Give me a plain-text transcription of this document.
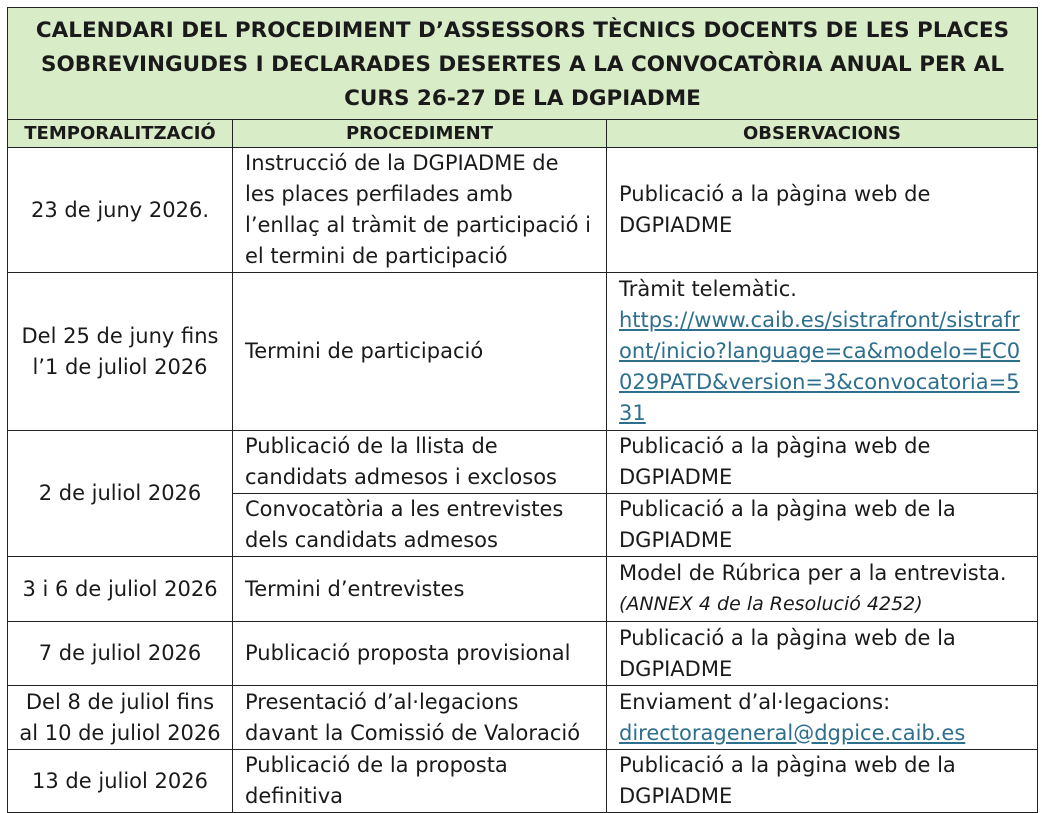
CALENDARI DEL PROCEDIMENT D’ASSESSORS TÈCNICS DOCENTS DE LES PLACES SOBREVINGUDES I DECLARADES DESERTES A LA CONVOCATÒRIA ANUAL PER AL CURS 26-27 DE LA DGPIADME		
TEMPORALITZACIÓ	PROCEDIMENT	OBSERVACIONS
23 de juny 2026.	Instrucció de la DGPIADME de les places perfilades amb l’enllaç al tràmit de participació i el termini de participació	Publicació a la pàgina web de DGPIADME
Del 25 de juny fins l’1 de juliol 2026	Termini de participació	Tràmit telemàtic.
https://www.caib.es/sistrafront/sistrafront/inicio?language=ca&modelo=EC0029PATD&version=3&convocatoria=531
2 de juliol 2026	Publicació de la llista de candidats admesos i exclosos	Publicació a la pàgina web de DGPIADME
	Convocatòria a les entrevistes dels candidats admesos	Publicació a la pàgina web de la DGPIADME
3 i 6 de juliol 2026	Termini d’entrevistes	Model de Rúbrica per a la entrevista.
(ANNEX 4 de la Resolució 4252)

7 de juliol 2026	Publicació proposta provisional	Publicació a la pàgina web de la DGPIADME
Del 8 de juliol fins al 10 de juliol 2026	Presentació d’al·legacions davant la Comissió de Valoració	Enviament d’al·legacions:
directorageneral@dgpice.caib.es
13 de juliol 2026	Publicació de la proposta definitiva	Publicació a la pàgina web de la DGPIADME
